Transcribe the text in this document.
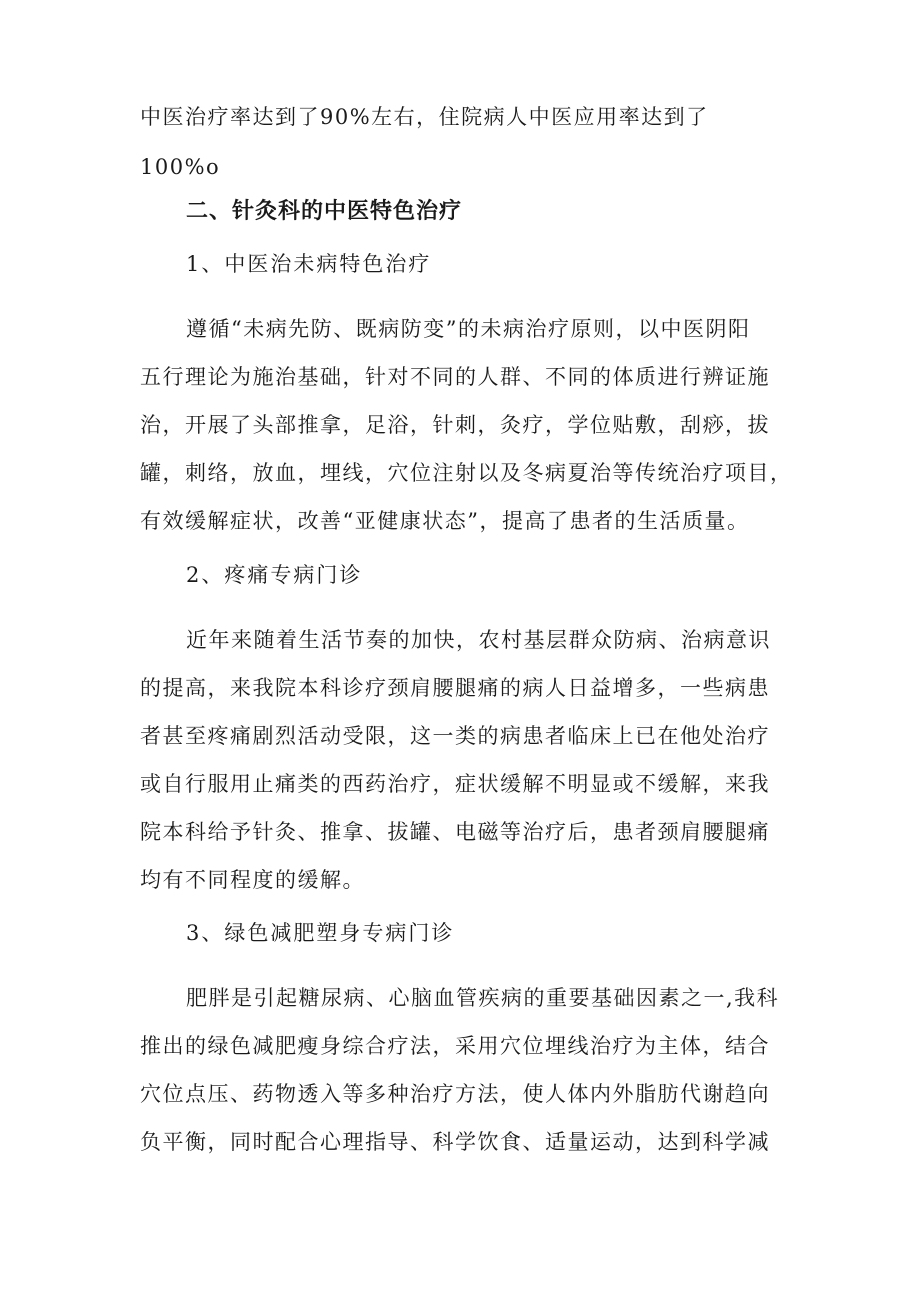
中医治疗率达到了90%左右，住院病人中医应用率达到了

100%o

二、针灸科的中医特色治疗

1、中医治未病特色治疗

遵循“未病先防、既病防变”的未病治疗原则，以中医阴阳

五行理论为施治基础，针对不同的人群、不同的体质进行辨证施

治，开展了头部推拿，足浴，针刺，灸疗，学位贴敷，刮痧，拔

罐，刺络，放血，埋线，穴位注射以及冬病夏治等传统治疗项目，

有效缓解症状，改善“亚健康状态”，提高了患者的生活质量。

2、疼痛专病门诊

近年来随着生活节奏的加快，农村基层群众防病、治病意识

的提高，来我院本科诊疗颈肩腰腿痛的病人日益增多，一些病患

者甚至疼痛剧烈活动受限，这一类的病患者临床上已在他处治疗

或自行服用止痛类的西药治疗，症状缓解不明显或不缓解，来我

院本科给予针灸、推拿、拔罐、电磁等治疗后，患者颈肩腰腿痛

均有不同程度的缓解。

3、绿色减肥塑身专病门诊

肥胖是引起糖尿病、心脑血管疾病的重要基础因素之一,我科

推出的绿色减肥瘦身综合疗法，采用穴位埋线治疗为主体，结合

穴位点压、药物透入等多种治疗方法，使人体内外脂肪代谢趋向

负平衡，同时配合心理指导、科学饮食、适量运动，达到科学减
